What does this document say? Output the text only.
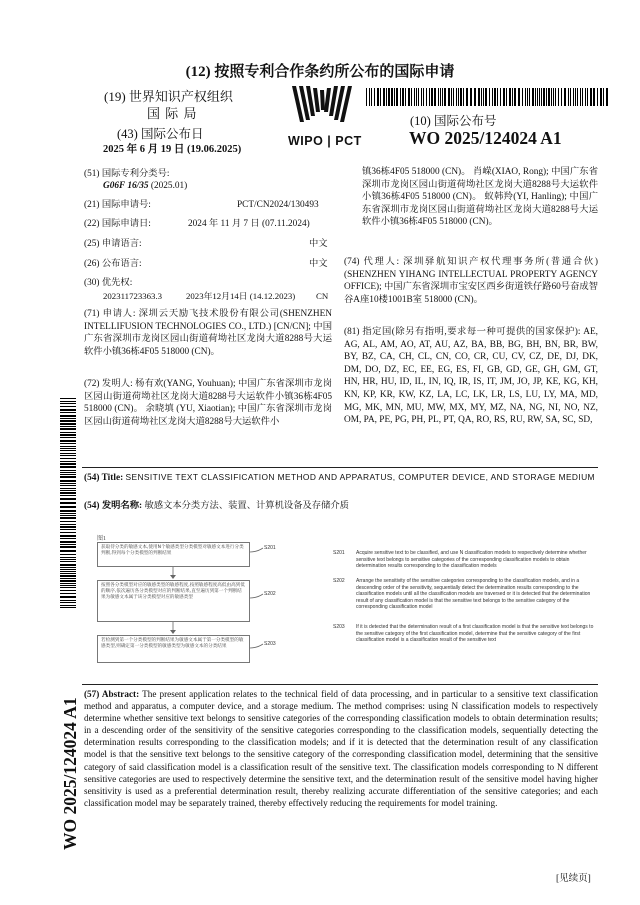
(12) 按照专利合作条约所公布的国际申请
(19) 世界知识产权组织
国 际 局
(43) 国际公布日
2025 年 6 月 19 日 (19.06.2025)
WIPO | PCT
(10) 国际公布号
WO 2025/124024 A1
WO 2025/124024 A1
(51) 国际专利分类号:
G06F 16/35 (2025.01)
(21) 国际申请号:	PCT/CN2024/130493
(22) 国际申请日:	2024 年 11 月 7 日 (07.11.2024)
(25) 申请语言:	中文
(26) 公布语言:	中文
(30) 优先权:
202311723363.3	2023年12月14日 (14.12.2023) CN
(71) 申请人: 深圳云天励飞技术股份有限公司(SHENZHEN INTELLIFUSION TECHNOLOGIES CO., LTD.) [CN/CN]; 中国广东省深圳市龙岗区园山街道荷坳社区龙岗大道8288号大运软件小镇36栋4F05 518000 (CN)。
(72) 发明人: 杨有欢(YANG, Youhuan); 中国广东省深圳市龙岗区园山街道荷坳社区龙岗大道8288号大运软件小镇36栋4F05 518000 (CN)。 余晓填 (YU, Xiaotian); 中国广东省深圳市龙岗区园山街道荷坳社区龙岗大道8288号大运软件小
镇36栋4F05 518000 (CN)。 肖嵘(XIAO, Rong); 中国广东省深圳市龙岗区园山街道荷坳社区龙岗大道8288号大运软件小镇36栋4F05 518000 (CN)。 蚁韩羚(YI, Hanling); 中国广东省深圳市龙岗区园山街道荷坳社区龙岗大道8288号大运软件小镇36栋4F05 518000 (CN)。
(74) 代理人: 深圳驿航知识产权代理事务所(普通合伙) (SHENZHEN YIHANG INTELLECTUAL PROPERTY AGENCY OFFICE); 中国广东省深圳市宝安区西乡街道铁仔路60号奋成智谷A座10楼1001B室 518000 (CN)。
(81) 指定国(除另有指明,要求每一种可提供的国家保护): AE, AG, AL, AM, AO, AT, AU, AZ, BA, BB, BG, BH, BN, BR, BW, BY, BZ, CA, CH, CL, CN, CO, CR, CU, CV, CZ, DE, DJ, DK, DM, DO, DZ, EC, EE, EG, ES, FI, GB, GD, GE, GH, GM, GT, HN, HR, HU, ID, IL, IN, IQ, IR, IS, IT, JM, JO, JP, KE, KG, KH, KN, KP, KR, KW, KZ, LA, LC, LK, LR, LS, LU, LY, MA, MD, MG, MK, MN, MU, MW, MX, MY, MZ, NA, NG, NI, NO, NZ, OM, PA, PE, PG, PH, PL, PT, QA, RO, RS, RU, RW, SA, SC, SD,
(54) Title: SENSITIVE TEXT CLASSIFICATION METHOD AND APPARATUS, COMPUTER DEVICE, AND STORAGE MEDIUM
(54) 发明名称: 敏感文本分类方法、装置、计算机设备及存储介质
图1
获取待分类的敏感文本,使用N个敏感类型分类模型对敏感文本进行分类判断,得到每个分类模型的判断结果
按照各分类模型对应的敏感类型的敏感程度,按照敏感程度高低由高到低的顺序,依次遍历各分类模型对应的判断结果,直至遍历到第一个判断结果为敏感文本属于该分类模型对应的敏感类型
若检测到第一个分类模型的判断结果为敏感文本属于第一分类模型的敏感类型,则确定第一分类模型的敏感类型为敏感文本的分类结果
S201
S202
S203
S201 Acquire sensitive text to be classified, and use N classification models to respectively determine whether sensitive text belongs to sensitive categories of the corresponding classification models to obtain determination results corresponding to the classification models
S202 Arrange the sensitivity of the sensitive categories corresponding to the classification models, and in a descending order of the sensitivity, sequentially detect the determination results corresponding to the classification models until all the classification models are traversed or it is detected that the determination result of any classification model is that the sensitive text belongs to the sensitive category of the corresponding classification model
S203 If it is detected that the determination result of a first classification model is that the sensitive text belongs to the sensitive category of the first classification model, determine that the sensitive category of the first classification model is a classification result of the sensitive text
(57) Abstract: The present application relates to the technical field of data processing, and in particular to a sensitive text classification method and apparatus, a computer device, and a storage medium. The method comprises: using N classification models to respectively determine whether sensitive text belongs to sensitive categories of the corresponding classification models to obtain determination results; in a descending order of the sensitivity of the sensitive categories corresponding to the classification models, sequentially detecting the determination results corresponding to the classification models; and if it is detected that the determination result of any classification model is that the sensitive text belongs to the sensitive category of the corresponding classification model, determining that the sensitive category of said classification model is a classification result of the sensitive text. The classification models corresponding to N different sensitive categories are used to respectively determine the sensitive text, and the determination result of the sensitive model having higher sensitivity is used as a preferential determination result, thereby realizing accurate differentiation of the sensitive categories; and each classification model may be separately trained, thereby effectively reducing the requirements for model training.
[见续页]
